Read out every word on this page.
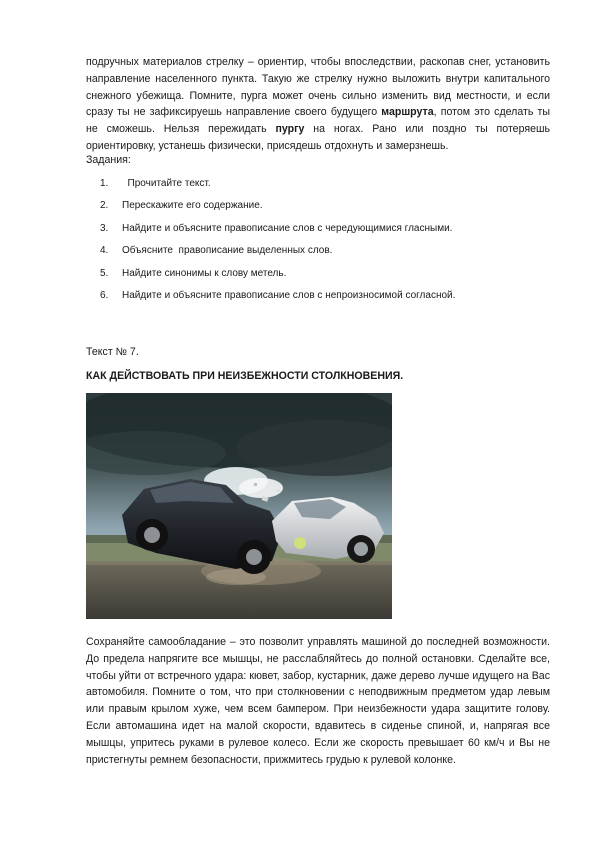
подручных материалов стрелку – ориентир, чтобы впоследствии, раскопав снег, установить направление населенного пункта. Такую же стрелку нужно выложить внутри капитального снежного убежища. Помните, пурга может очень сильно изменить вид местности, и если сразу ты не зафиксируешь направление своего будущего маршрута, потом это сделать ты не сможешь. Нельзя пережидать пургу на ногах. Рано или поздно ты потеряешь ориентировку, устанешь физически, присядешь отдохнуть и замерзнешь.

Задания:

1. Прочитайте текст.
2. Перескажите его содержание.
3. Найдите и объясните правописание слов с чередующимися гласными.
4. Объясните  правописание выделенных слов.
5. Найдите синонимы к слову метель.
6. Найдите и объясните правописание слов с непроизносимой согласной.

Текст № 7.

КАК ДЕЙСТВОВАТЬ ПРИ НЕИЗБЕЖНОСТИ СТОЛКНОВЕНИЯ.

Сохраняйте самообладание – это позволит управлять машиной до последней возможности. До предела напрягите все мышцы, не расслабляйтесь до полной остановки. Сделайте все, чтобы уйти от встречного удара: кювет, забор, кустарник, даже дерево лучше идущего на Вас автомобиля. Помните о том, что при столкновении с неподвижным предметом удар левым или правым крылом хуже, чем всем бампером. При неизбежности удара защитите голову. Если автомашина идет на малой скорости, вдавитесь в сиденье спиной, и, напрягая все мышцы, упритесь руками в рулевое колесо. Если же скорость превышает 60 км/ч и Вы не пристегнуты ремнем безопасности, прижмитесь грудью к рулевой колонке.
